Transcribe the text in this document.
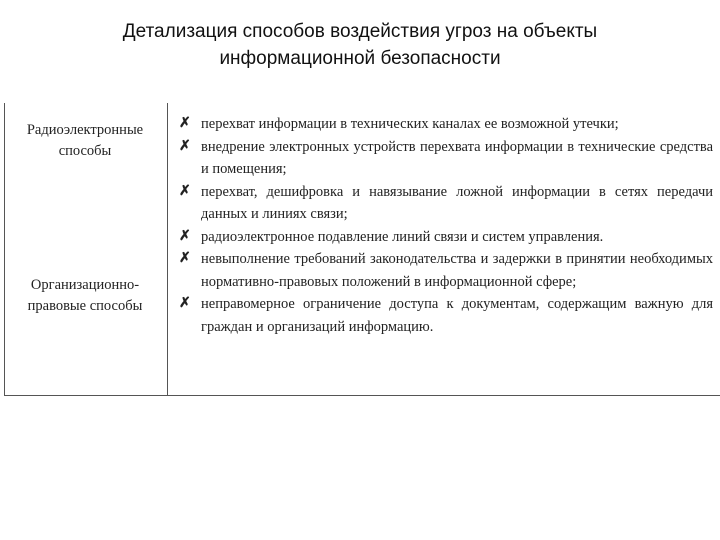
Детализация способов воздействия угроз на объекты
информационной безопасности
Радиоэлектронные
способы
Организационно-
правовые способы
✗ перехват информации в технических каналах ее возможной утечки;
✗ внедрение электронных устройств перехвата информации в технические средства и помещения;
✗ перехват, дешифровка и навязывание ложной информации в сетях передачи данных и линиях связи;
✗ радиоэлектронное подавление линий связи и систем управления.
✗ невыполнение требований законодательства и задержки в принятии необходимых нормативно-правовых положений в информационной сфере;
✗ неправомерное ограничение доступа к документам, содержащим важную для граждан и организаций информацию.
